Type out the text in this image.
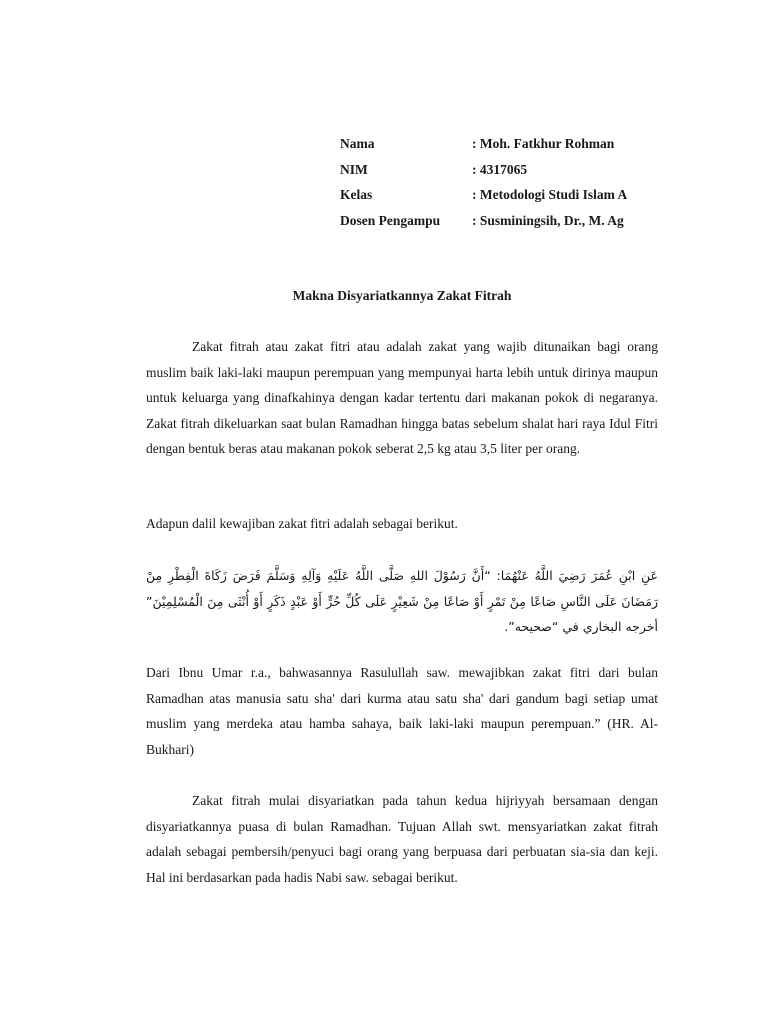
Nama	: Moh. Fatkhur Rohman
NIM	: 4317065
Kelas	: Metodologi Studi Islam A
Dosen Pengampu	: Susminingsih, Dr., M. Ag
Makna Disyariatkannya Zakat Fitrah

Zakat fitrah atau zakat fitri atau adalah zakat yang wajib ditunaikan bagi orang muslim baik laki-laki maupun perempuan yang mempunyai harta lebih untuk dirinya maupun untuk keluarga yang dinafkahinya dengan kadar tertentu dari makanan pokok di negaranya. Zakat fitrah dikeluarkan saat bulan Ramadhan hingga batas sebelum shalat hari raya Idul Fitri dengan bentuk beras atau makanan pokok seberat 2,5 kg atau 3,5 liter per orang.

Adapun dalil kewajiban zakat fitri adalah sebagai berikut.

عَنِ ابْنِ عُمَرَ رَضِيَ اللَّهُ عَنْهُمَا: “أَنَّ رَسُوْلَ اللهِ صَلَّى اللَّهُ عَلَيْهِ وَآلِهِ وَسَلَّمَ فَرَضَ زَكَاةَ الْفِطْرِ مِنْ رَمَضَانَ عَلَى النَّاسِ صَاعًا مِنْ تَمْرٍ أَوْ صَاعًا مِنْ شَعِيْرٍ عَلَى كُلِّ حُرٍّ أَوْ عَبْدٍ ذَكَرٍ أَوْ أُنْثَى مِنَ الْمُسْلِمِيْنَ” أخرجه البخاري في “صحيحه”.

Dari Ibnu Umar r.a., bahwasannya Rasulullah saw. mewajibkan zakat fitri dari bulan Ramadhan atas manusia satu sha' dari kurma atau satu sha' dari gandum bagi setiap umat muslim yang merdeka atau hamba sahaya, baik laki-laki maupun perempuan.” (HR. Al-Bukhari)

Zakat fitrah mulai disyariatkan pada tahun kedua hijriyyah bersamaan dengan disyariatkannya puasa di bulan Ramadhan. Tujuan Allah swt. mensyariatkan zakat fitrah adalah sebagai pembersih/penyuci bagi orang yang berpuasa dari perbuatan sia-sia dan keji. Hal ini berdasarkan pada hadis Nabi saw. sebagai berikut.
